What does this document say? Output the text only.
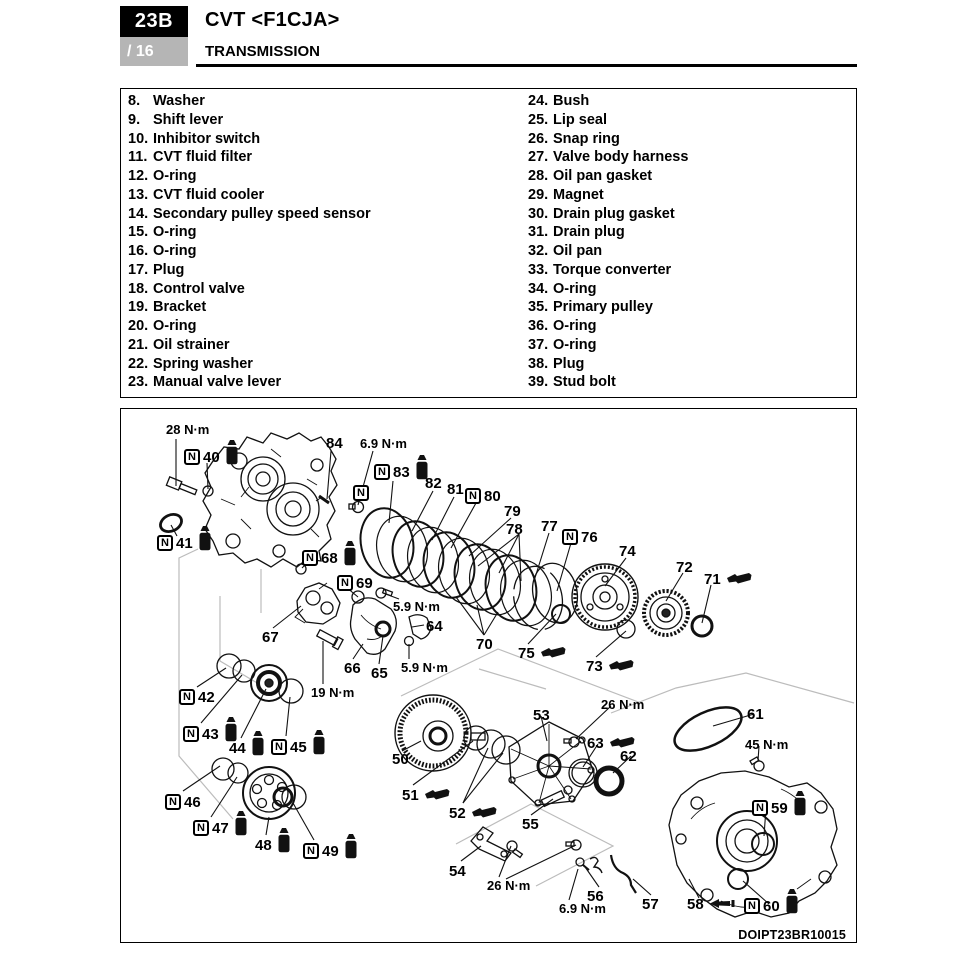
23B
/ 16
CVT <F1CJA>
TRANSMISSION
8. Washer
9. Shift lever
10. Inhibitor switch
11. CVT fluid filter
12. O-ring
13. CVT fluid cooler
14. Secondary pulley speed sensor
15. O-ring
16. O-ring
17. Plug
18. Control valve
19. Bracket
20. O-ring
21. Oil strainer
22. Spring washer
23. Manual valve lever
24. Bush
25. Lip seal
26. Snap ring
27. Valve body harness
28. Oil pan gasket
29. Magnet
30. Drain plug gasket
31. Drain plug
32. Oil pan
33. Torque converter
34. O-ring
35. Primary pulley
36. O-ring
37. O-ring
38. Plug
39. Stud bolt
28 N·m
N 40
84 6.9 N·m
N
N 83
82 81 N 80
79
78 77
N 76
74
72
71
N 41
N 68
N 69
5.9 N·m
64
67
66 65 5.9 N·m
70
75
73
19 N·m
N 42
N 43
44	N 45
N 46
N 47
48	N 49
50
51
52
53
26 N·m
63
62
55
54
26 N·m
56	57
6.9 N·m	58
61
45 N·m
N 59
N 60
DOIPT23BR10015
